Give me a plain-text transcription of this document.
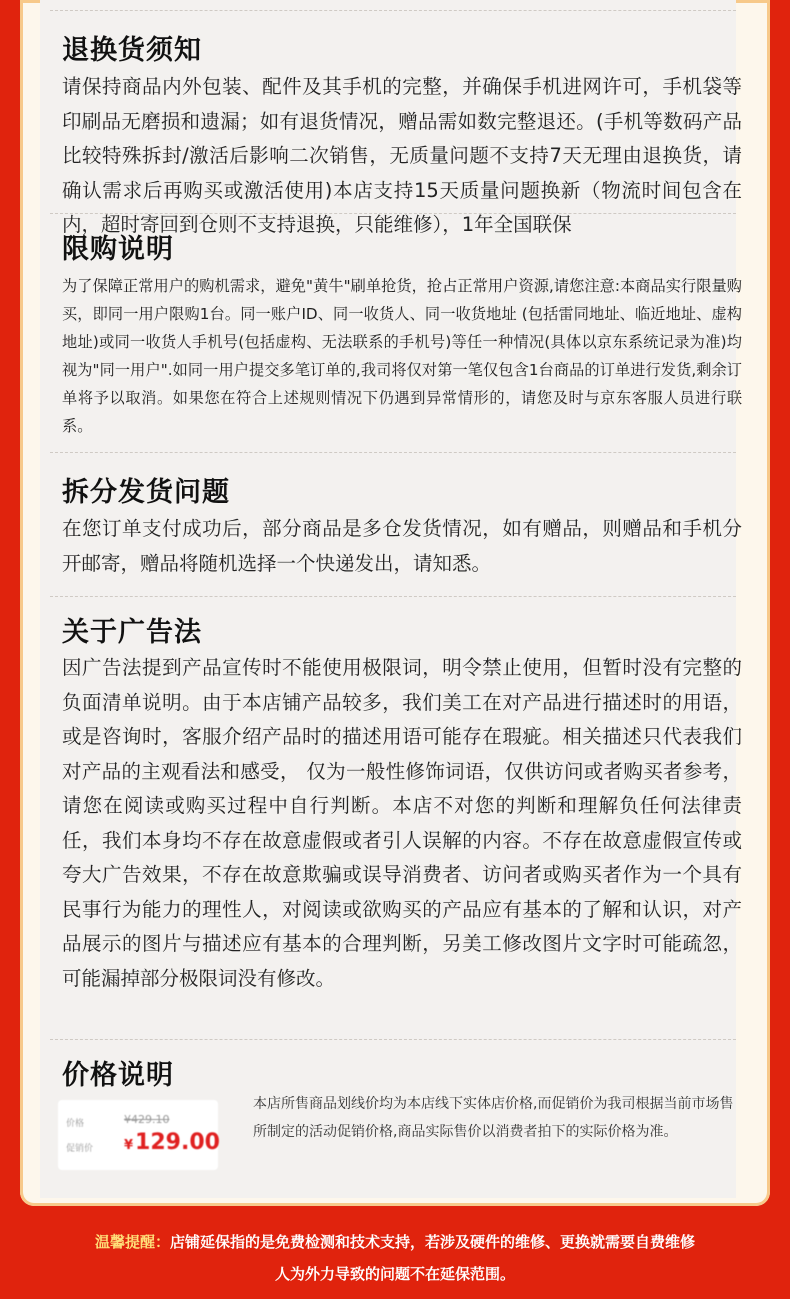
退换货须知

请保持商品内外包装、配件及其手机的完整，并确保手机进网许可，手机袋等印刷品无磨损和遗漏；如有退货情况，赠品需如数完整退还。(手机等数码产品比较特殊拆封/激活后影响二次销售，无质量问题不支持7天无理由退换货，请确认需求后再购买或激活使用)本店支持15天质量问题换新（物流时间包含在内，超时寄回到仓则不支持退换，只能维修），1年全国联保

限购说明

为了保障正常用户的购机需求，避免"黄牛"刷单抢货，抢占正常用户资源,请您注意:本商品实行限量购买，即同一用户限购1台。同一账户ID、同一收货人、同一收货地址 (包括雷同地址、临近地址、虚构地址)或同一收货人手机号(包括虚构、无法联系的手机号)等任一种情况(具体以京东系统记录为准)均视为"同一用户".如同一用户提交多笔订单的,我司将仅对第一笔仅包含1台商品的订单进行发货,剩余订单将予以取消。如果您在符合上述规则情况下仍遇到异常情形的，请您及时与京东客服人员进行联系。

拆分发货问题

在您订单支付成功后，部分商品是多仓发货情况，如有赠品，则赠品和手机分开邮寄，赠品将随机选择一个快递发出，请知悉。

关于广告法

因广告法提到产品宣传时不能使用极限词，明令禁止使用，但暂时没有完整的负面清单说明。由于本店铺产品较多，我们美工在对产品进行描述时的用语，或是咨询时，客服介绍产品时的描述用语可能存在瑕疵。相关描述只代表我们对产品的主观看法和感受， 仅为一般性修饰词语，仅供访问或者购买者参考，请您在阅读或购买过程中自行判断。本店不对您的判断和理解负任何法律责任，我们本身均不存在故意虚假或者引人误解的内容。不存在故意虚假宣传或夸大广告效果，不存在故意欺骗或误导消费者、访问者或购买者作为一个具有民事行为能力的理性人，对阅读或欲购买的产品应有基本的了解和认识，对产品展示的图片与描述应有基本的合理判断，另美工修改图片文字时可能疏忽，可能漏掉部分极限词没有修改。

价格说明
价格
促销价
¥429.10
¥129.00

本店所售商品划线价均为本店线下实体店价格,而促销价为我司根据当前市场售所制定的活动促销价格,商品实际售价以消费者拍下的实际价格为准。

温馨提醒：店铺延保指的是免费检测和技术支持，若涉及硬件的维修、更换就需要自费维修

人为外力导致的问题不在延保范围。
